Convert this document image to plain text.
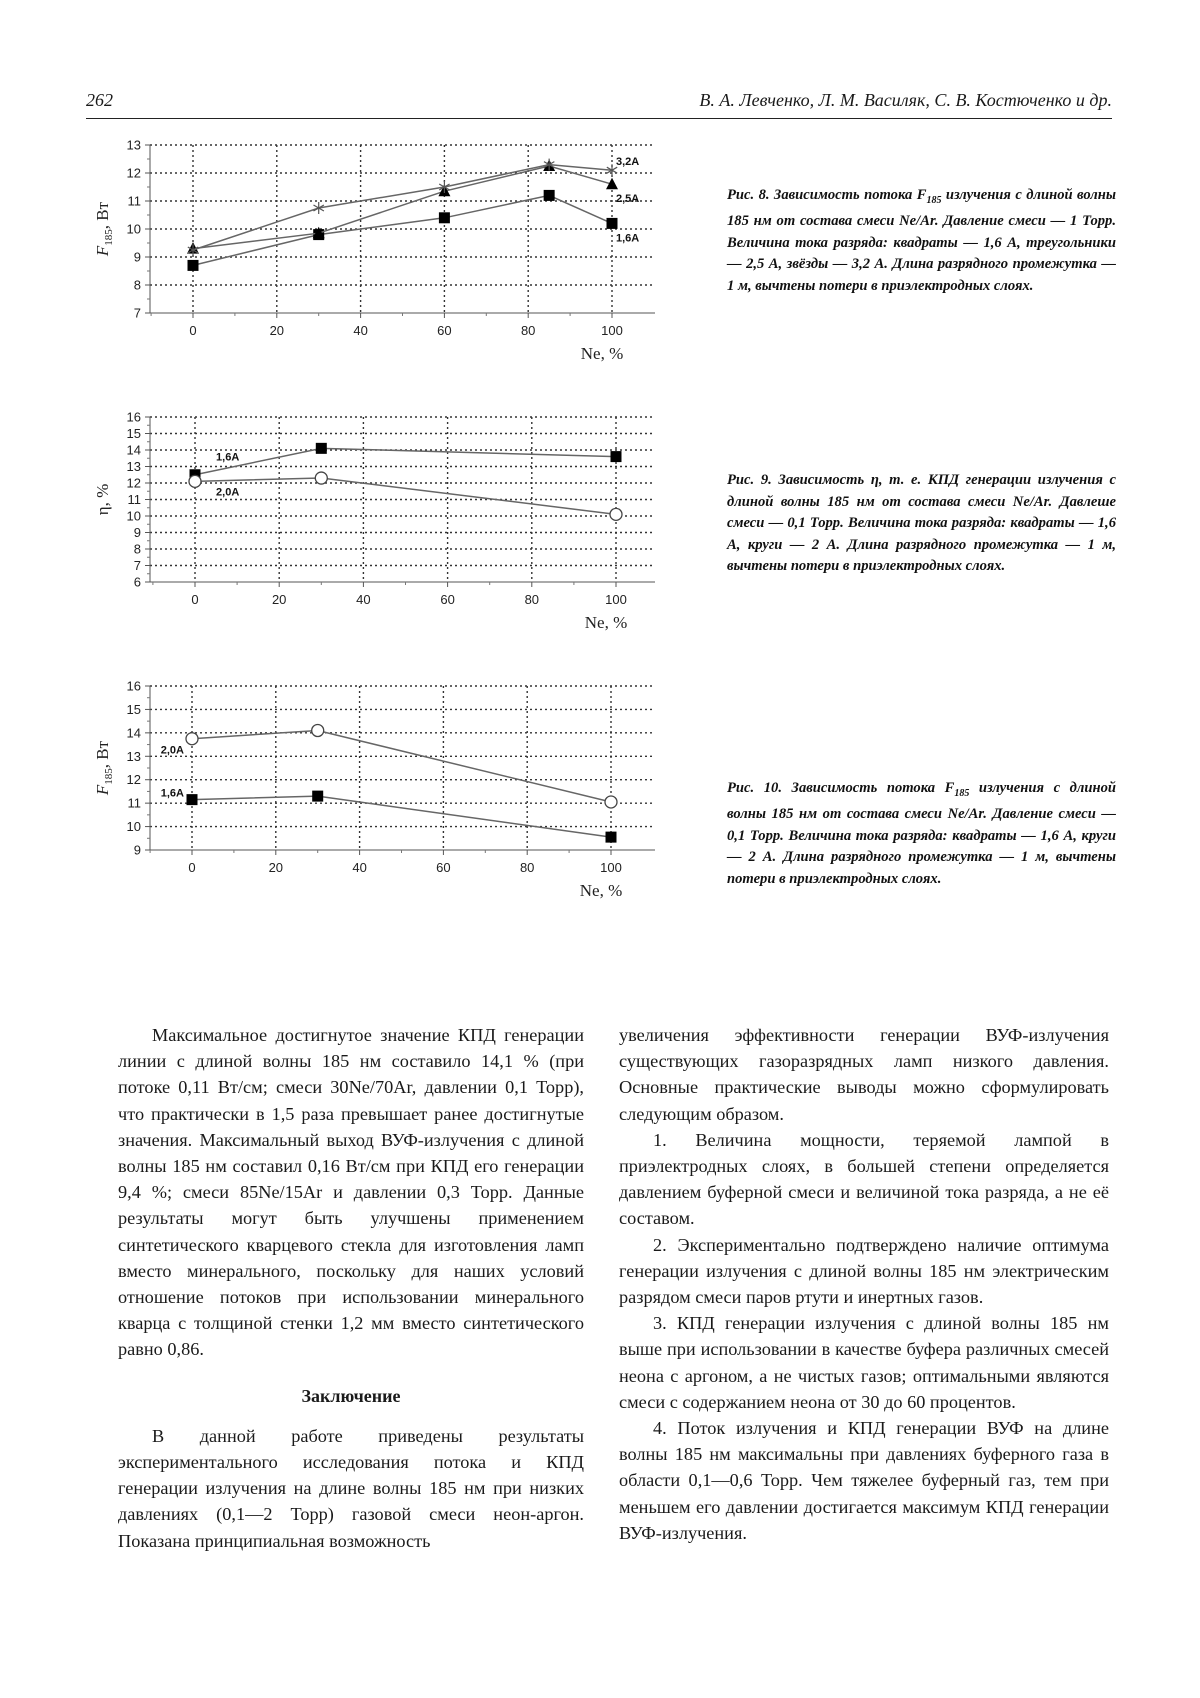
262	В. А. Левченко, Л. М. Василяк, С. В. Костюченко и др.
7
8
9
10
11
12
13
0	20	40	60	80	100
Ne, %
$F_{185}$, Вт
1,6A
2,5A
3,2A
Рис. 8. Зависимость потока $F_{185}$ излучения с длиной волны 185 нм от состава смеси Ne/Ar. Давление смеси — 1 Торр. Величина тока разряда: квадраты — 1,6 А, треугольники — 2,5 А, звёзды — 3,2 А. Длина разрядного промежутка — 1 м, вычтены потери в приэлектродных слоях.
6
7
8
9
10
11
12
13
14
15
16
0	20	40	60	80	100
Ne, %
η, %
1,6A
2,0A
Рис. 9. Зависимость η, т. е. КПД генерации излучения с длиной волны 185 нм от состава смеси Ne/Ar. Давлеше смеси — 0,1 Торр. Величина тока разряда: квадраты — 1,6 А, круги — 2 А. Длина разрядного промежутка — 1 м, вычтены потери в приэлектродных слоях.
9
10
11
12
13
14
15
16
0	20	40	60	80	100
Ne, %
$F_{185}$, Вт	2,0A
1,6A	Рис. 10. Зависимость потока $F_{185}$ излучения с длиной волны 185 нм от состава смеси Ne/Ar. Давление смеси — 0,1 Торр. Величина тока разряда: квадраты — 1,6 А, круги — 2 А. Длина разрядного промежутка — 1 м, вычтены потери в приэлектродных слоях.

Максимальное достигнутое значение КПД генерации линии с длиной волны 185 нм составило 14,1 % (при потоке 0,11 Вт/см; смеси 30Ne/70Ar, давлении 0,1 Торр), что практически в 1,5 раза превышает ранее достигнутые значения. Максимальный выход ВУФ-излучения с длиной волны 185 нм составил 0,16 Вт/см при КПД его генерации 9,4 %; смеси 85Ne/15Ar и давлении 0,3 Торр. Данные результаты могут быть улучшены применением синтетического кварцевого стекла для изготовления ламп вместо минерального, поскольку для наших условий отношение потоков при использовании минерального кварца с толщиной стенки 1,2 мм вместо синтетического равно 0,86.

Заключение

В данной работе приведены результаты экспериментального исследования потока и КПД генерации излучения на длине волны 185 нм при низких давлениях (0,1—2 Торр) газовой смеси неон-аргон. Показана принципиальная возможность

увеличения эффективности генерации ВУФ-излучения существующих газоразрядных ламп низкого давления. Основные практические выводы можно сформулировать следующим образом.

1. Величина мощности, теряемой лампой в приэлектродных слоях, в большей степени определяется давлением буферной смеси и величиной тока разряда, а не её составом.

2. Экспериментально подтверждено наличие оптимума генерации излучения с длиной волны 185 нм электрическим разрядом смеси паров ртути и инертных газов.

3. КПД генерации излучения с длиной волны 185 нм выше при использовании в качестве буфера различных смесей неона с аргоном, а не чистых газов; оптимальными являются смеси с содержанием неона от 30 до 60 процентов.

4. Поток излучения и КПД генерации ВУФ на длине волны 185 нм максимальны при давлениях буферного газа в области 0,1—0,6 Торр. Чем тяжелее буферный газ, тем при меньшем его давлении достигается максимум КПД генерации ВУФ-излучения.
